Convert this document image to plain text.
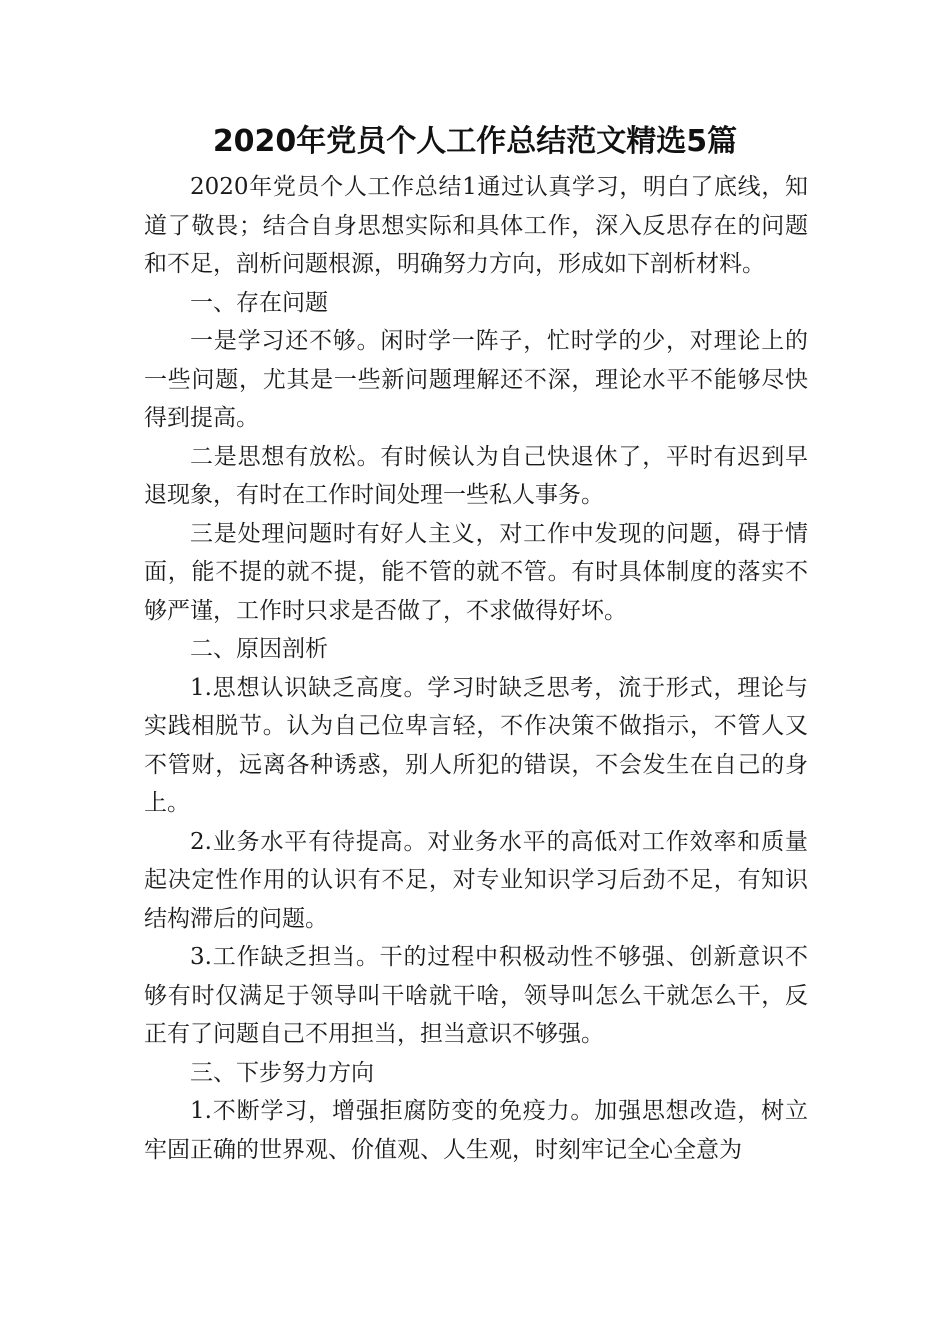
2020年党员个人工作总结范文精选5篇

2020年党员个人工作总结1通过认真学习，明白了底线，知道了敬畏；结合自身思想实际和具体工作，深入反思存在的问题和不足，剖析问题根源，明确努力方向，形成如下剖析材料。

一、存在问题

一是学习还不够。闲时学一阵子，忙时学的少，对理论上的一些问题，尤其是一些新问题理解还不深，理论水平不能够尽快得到提高。

二是思想有放松。有时候认为自己快退休了，平时有迟到早退现象，有时在工作时间处理一些私人事务。

三是处理问题时有好人主义，对工作中发现的问题，碍于情面，能不提的就不提，能不管的就不管。有时具体制度的落实不够严谨，工作时只求是否做了，不求做得好坏。

二、原因剖析

1.思想认识缺乏高度。学习时缺乏思考，流于形式，理论与实践相脱节。认为自己位卑言轻，不作决策不做指示，不管人又不管财，远离各种诱惑，别人所犯的错误，不会发生在自己的身上。

2.业务水平有待提高。对业务水平的高低对工作效率和质量起决定性作用的认识有不足，对专业知识学习后劲不足，有知识结构滞后的问题。

3.工作缺乏担当。干的过程中积极动性不够强、创新意识不够有时仅满足于领导叫干啥就干啥，领导叫怎么干就怎么干，反正有了问题自己不用担当，担当意识不够强。

三、下步努力方向

1.不断学习，增强拒腐防变的免疫力。加强思想改造，树立牢固正确的世界观、价值观、人生观，时刻牢记全心全意为
